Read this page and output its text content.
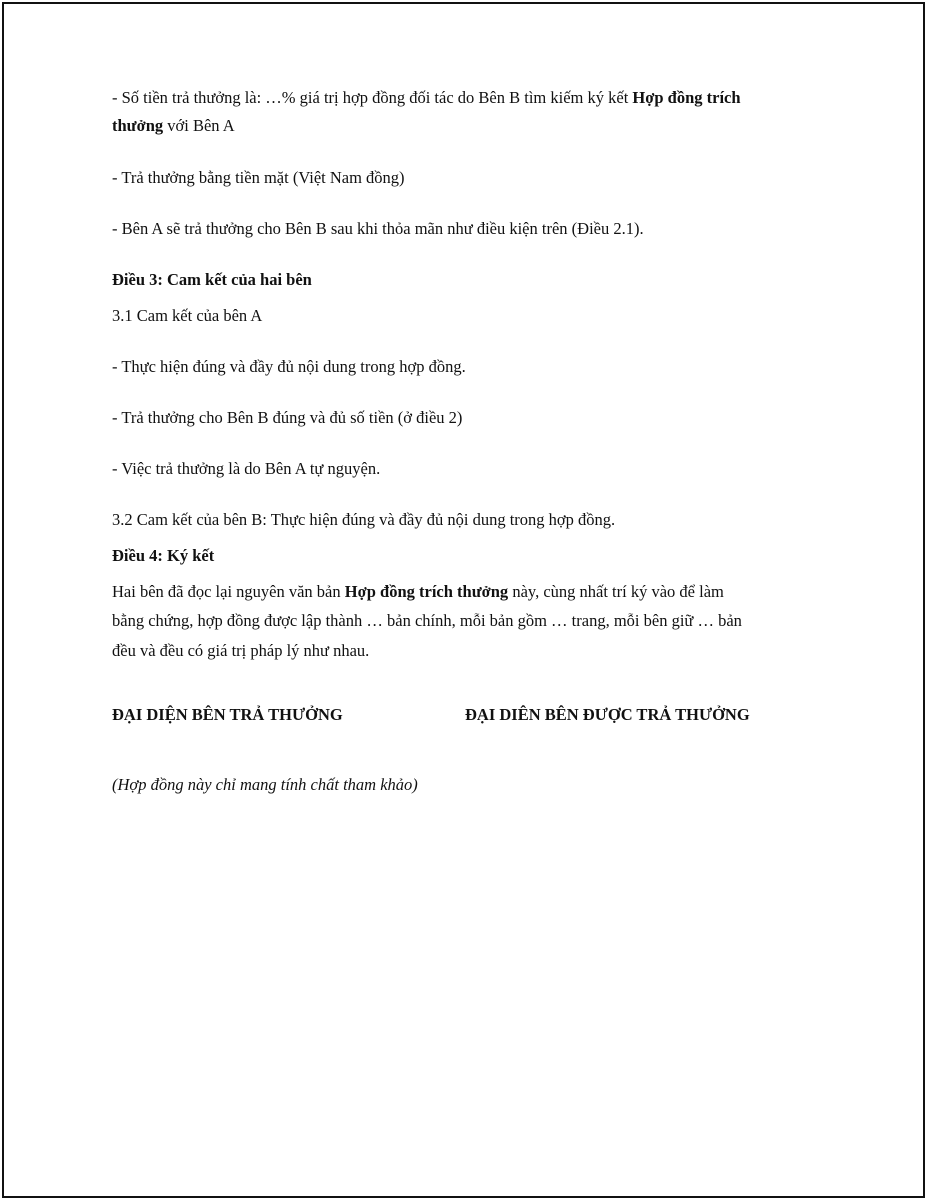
- Số tiền trả thưởng là: …% giá trị hợp đồng đối tác do Bên B tìm kiếm ký kết Hợp đồng trích
thưởng với Bên A
- Trả thưởng bằng tiền mặt (Việt Nam đồng)
- Bên A sẽ trả thưởng cho Bên B sau khi thỏa mãn như điều kiện trên (Điều 2.1).
Điều 3: Cam kết của hai bên
3.1 Cam kết của bên A
- Thực hiện đúng và đầy đủ nội dung trong hợp đồng.
- Trả thưởng cho Bên B đúng và đủ số tiền (ở điều 2)
- Việc trả thưởng là do Bên A tự nguyện.
3.2 Cam kết của bên B: Thực hiện đúng và đầy đủ nội dung trong hợp đồng.
Điều 4: Ký kết
Hai bên đã đọc lại nguyên văn bản Hợp đồng trích thưởng này, cùng nhất trí ký vào để làm
bằng chứng, hợp đồng được lập thành … bản chính, mỗi bản gồm … trang, mỗi bên giữ … bản
đều và đều có giá trị pháp lý như nhau.
ĐẠI DIỆN BÊN TRẢ THƯỞNG	ĐẠI DIÊN BÊN ĐƯỢC TRẢ THƯỞNG
(Hợp đồng này chỉ mang tính chất tham khảo)
